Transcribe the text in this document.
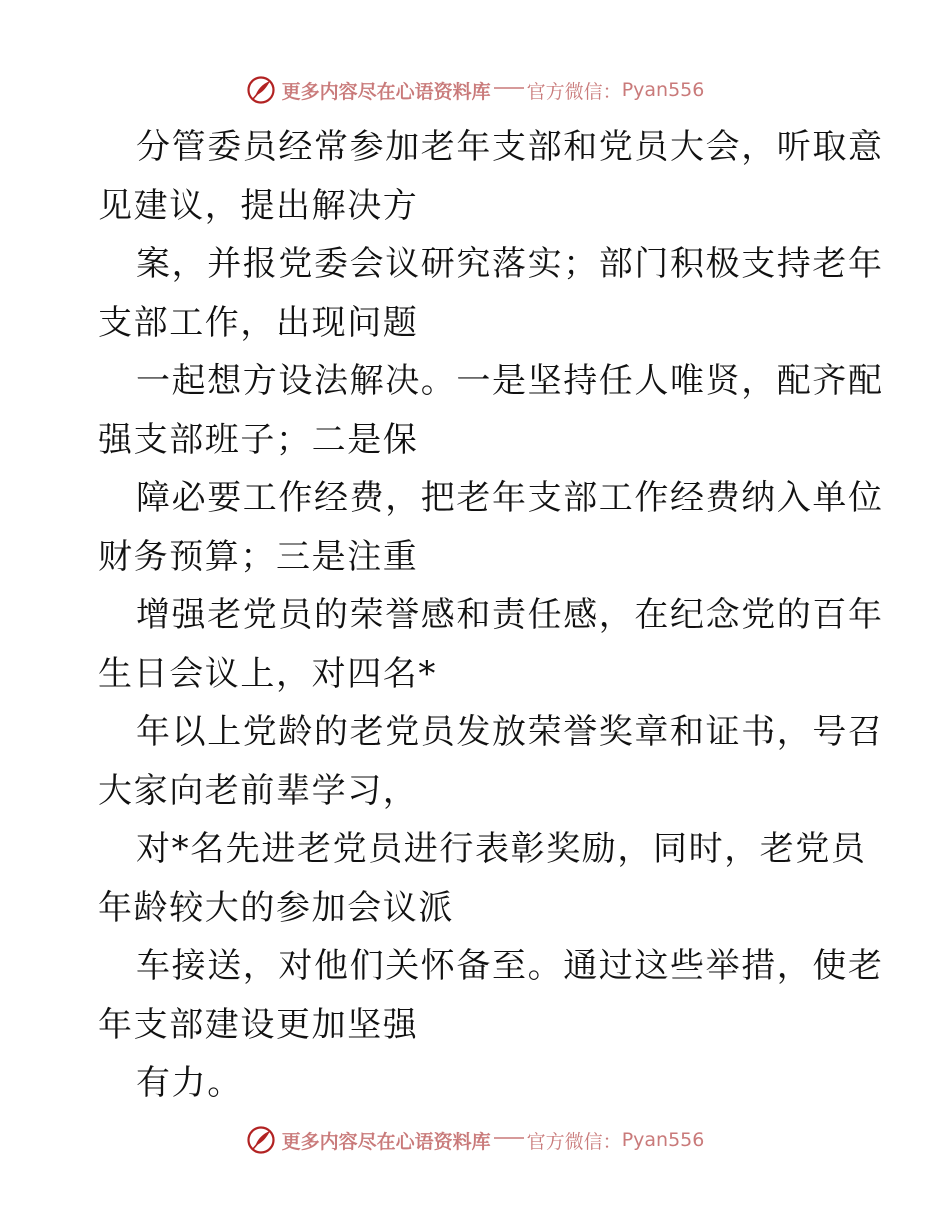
更多内容尽在心语资料库 官方微信： Pyan556

分管委员经常参加老年支部和党员大会，听取意
见建议，提出解决方

案，并报党委会议研究落实；部门积极支持老年
支部工作，出现问题

一起想方设法解决。一是坚持任人唯贤，配齐配
强支部班子；二是保

障必要工作经费，把老年支部工作经费纳入单位
财务预算；三是注重

增强老党员的荣誉感和责任感，在纪念党的百年
生日会议上，对四名*

年以上党龄的老党员发放荣誉奖章和证书，号召
大家向老前辈学习，

对*名先进老党员进行表彰奖励，同时，老党员
年龄较大的参加会议派

车接送，对他们关怀备至。通过这些举措，使老
年支部建设更加坚强

有力。

更多内容尽在心语资料库 官方微信： Pyan556
